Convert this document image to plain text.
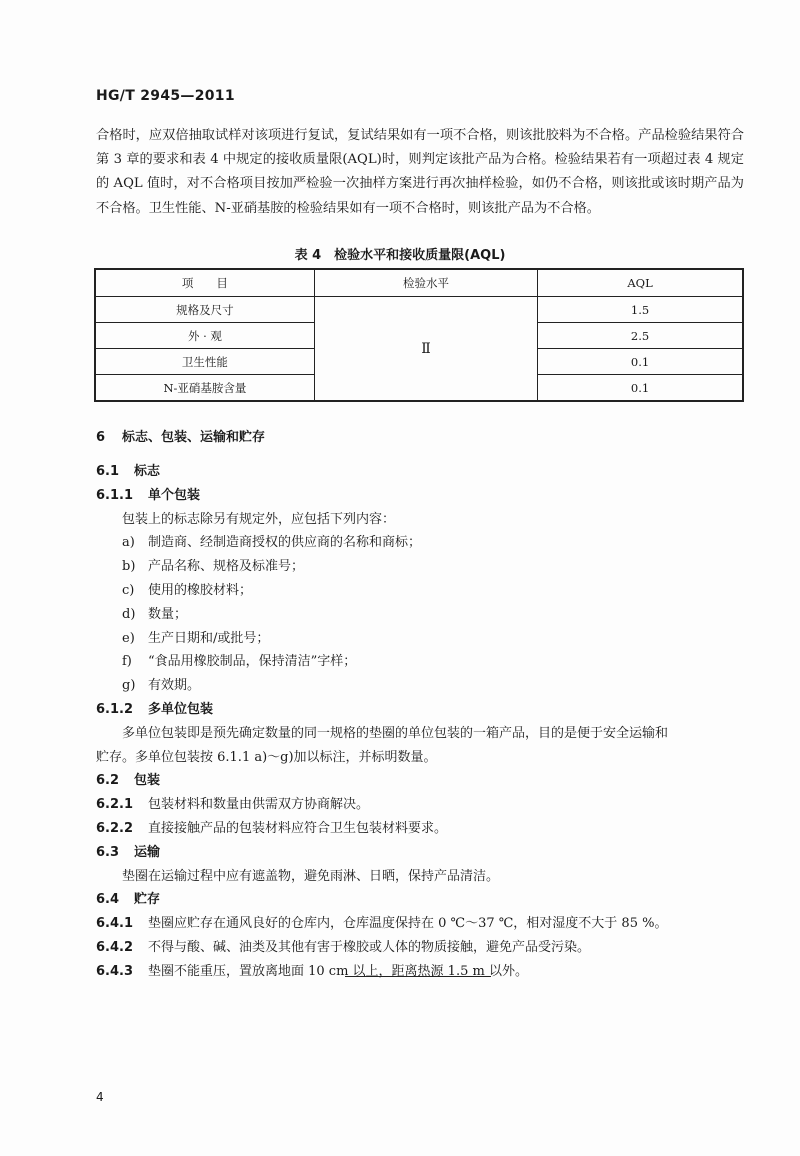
HG/T 2945—2011
合格时，应双倍抽取试样对该项进行复试，复试结果如有一项不合格，则该批胶料为不合格。产品检验结果符合第 3 章的要求和表 4 中规定的接收质量限(AQL)时，则判定该批产品为合格。检验结果若有一项超过表 4 规定的 AQL 值时，对不合格项目按加严检验一次抽样方案进行再次抽样检验，如仍不合格，则该批或该时期产品为不合格。卫生性能、N-亚硝基胺的检验结果如有一项不合格时，则该批产品为不合格。
表 4　检验水平和接收质量限(AQL)
项　　目	检验水平	AQL
规格及尺寸	Ⅱ	1.5
外 · 观		2.5
卫生性能		0.1
N-亚硝基胺含量		0.1
6 标志、包装、运输和贮存
6.1 标志
6.1.1 单个包装
包装上的标志除另有规定外，应包括下列内容：
a) 制造商、经制造商授权的供应商的名称和商标；
b) 产品名称、规格及标准号；
c) 使用的橡胶材料；
d) 数量；
e) 生产日期和/或批号；
f) “食品用橡胶制品，保持清洁”字样；
g) 有效期。
6.1.2 多单位包装
多单位包装即是预先确定数量的同一规格的垫圈的单位包装的一箱产品，目的是便于安全运输和
贮存。多单位包装按 6.1.1 a)～g)加以标注，并标明数量。
6.2 包装
6.2.1 包装材料和数量由供需双方协商解决。
6.2.2 直接接触产品的包装材料应符合卫生包装材料要求。
6.3 运输
垫圈在运输过程中应有遮盖物，避免雨淋、日晒，保持产品清洁。
6.4 贮存
6.4.1 垫圈应贮存在通风良好的仓库内，仓库温度保持在 0 ℃～37 ℃，相对湿度不大于 85 %。
6.4.2 不得与酸、碱、油类及其他有害于橡胶或人体的物质接触，避免产品受污染。
6.4.3 垫圈不能重压，置放离地面 10 cm 以上，距离热源 1.5 m 以外。
4
